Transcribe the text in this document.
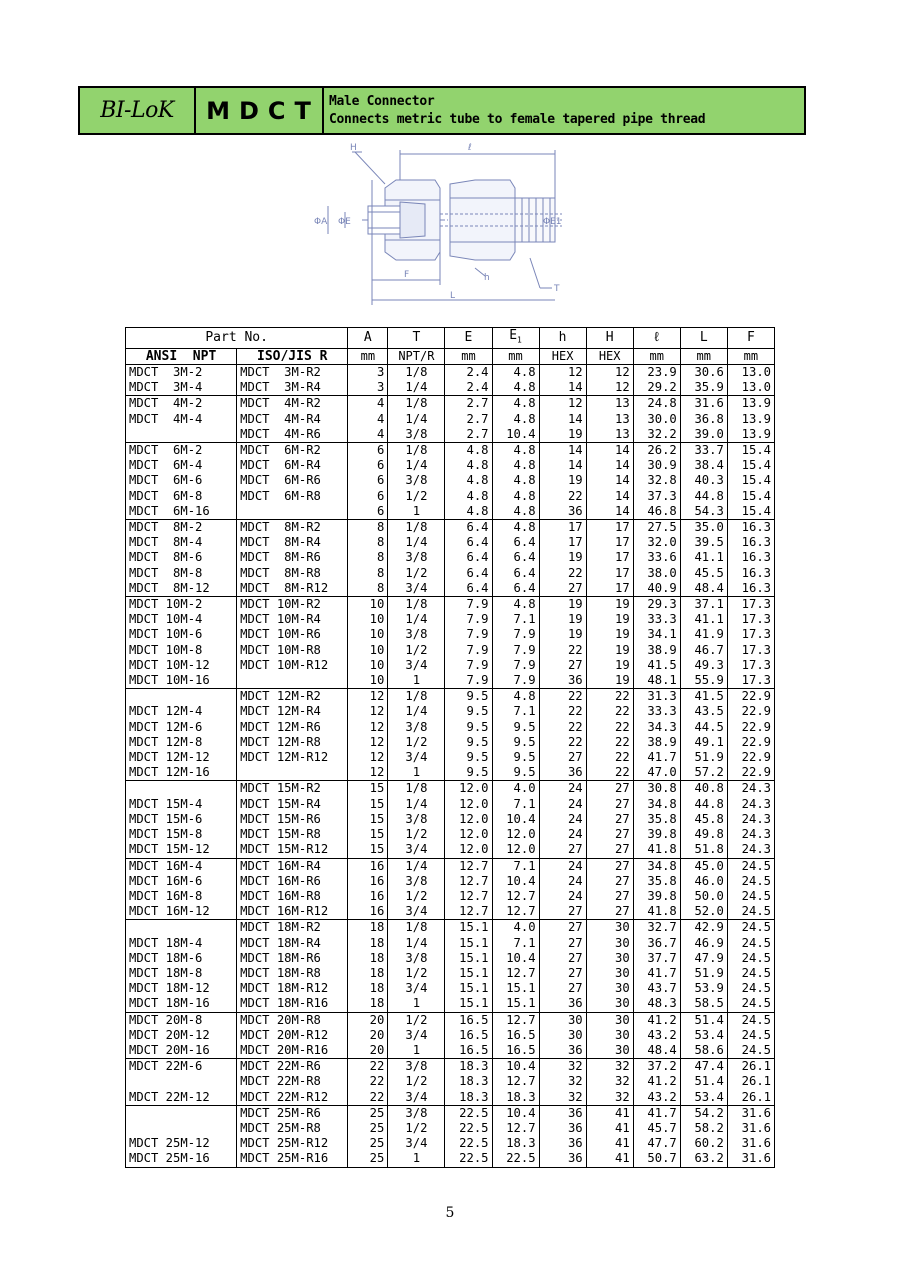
BI-LoK	MDCT Male Connector
Connects metric tube to female tapered pipe thread
H	ℓ
ΦA ΦE	ΦE1
F	h
T
L
Part No.		A	T	E	$E_1$	h	H	ℓ	L	F
ANSI  NPT	ISO/JIS R	mm	NPT/R	mm	mm	HEX	HEX	mm	mm	mm
MDCT  3M-2	MDCT  3M-R2	3	1/8	2.4	4.8	12	12	23.9	30.6	13.0
MDCT  3M-4	MDCT  3M-R4	3	1/4	2.4	4.8	14	12	29.2	35.9	13.0
MDCT  4M-2	MDCT  4M-R2	4	1/8	2.7	4.8	12	13	24.8	31.6	13.9
MDCT  4M-4	MDCT  4M-R4	4	1/4	2.7	4.8	14	13	30.0	36.8	13.9
	MDCT  4M-R6	4	3/8	2.7	10.4	19	13	32.2	39.0	13.9
MDCT  6M-2	MDCT  6M-R2	6	1/8	4.8	4.8	14	14	26.2	33.7	15.4
MDCT  6M-4	MDCT  6M-R4	6	1/4	4.8	4.8	14	14	30.9	38.4	15.4
MDCT  6M-6	MDCT  6M-R6	6	3/8	4.8	4.8	19	14	32.8	40.3	15.4
MDCT  6M-8	MDCT  6M-R8	6	1/2	4.8	4.8	22	14	37.3	44.8	15.4
MDCT  6M-16		6	1	4.8	4.8	36	14	46.8	54.3	15.4
MDCT  8M-2	MDCT  8M-R2	8	1/8	6.4	4.8	17	17	27.5	35.0	16.3
MDCT  8M-4	MDCT  8M-R4	8	1/4	6.4	6.4	17	17	32.0	39.5	16.3
MDCT  8M-6	MDCT  8M-R6	8	3/8	6.4	6.4	19	17	33.6	41.1	16.3
MDCT  8M-8	MDCT  8M-R8	8	1/2	6.4	6.4	22	17	38.0	45.5	16.3
MDCT  8M-12	MDCT  8M-R12	8	3/4	6.4	6.4	27	17	40.9	48.4	16.3
MDCT 10M-2	MDCT 10M-R2	10	1/8	7.9	4.8	19	19	29.3	37.1	17.3
MDCT 10M-4	MDCT 10M-R4	10	1/4	7.9	7.1	19	19	33.3	41.1	17.3
MDCT 10M-6	MDCT 10M-R6	10	3/8	7.9	7.9	19	19	34.1	41.9	17.3
MDCT 10M-8	MDCT 10M-R8	10	1/2	7.9	7.9	22	19	38.9	46.7	17.3
MDCT 10M-12	MDCT 10M-R12	10	3/4	7.9	7.9	27	19	41.5	49.3	17.3
MDCT 10M-16		10	1	7.9	7.9	36	19	48.1	55.9	17.3
	MDCT 12M-R2	12	1/8	9.5	4.8	22	22	31.3	41.5	22.9
MDCT 12M-4	MDCT 12M-R4	12	1/4	9.5	7.1	22	22	33.3	43.5	22.9
MDCT 12M-6	MDCT 12M-R6	12	3/8	9.5	9.5	22	22	34.3	44.5	22.9
MDCT 12M-8	MDCT 12M-R8	12	1/2	9.5	9.5	22	22	38.9	49.1	22.9
MDCT 12M-12	MDCT 12M-R12	12	3/4	9.5	9.5	27	22	41.7	51.9	22.9
MDCT 12M-16		12	1	9.5	9.5	36	22	47.0	57.2	22.9
	MDCT 15M-R2	15	1/8	12.0	4.0	24	27	30.8	40.8	24.3
MDCT 15M-4	MDCT 15M-R4	15	1/4	12.0	7.1	24	27	34.8	44.8	24.3
MDCT 15M-6	MDCT 15M-R6	15	3/8	12.0	10.4	24	27	35.8	45.8	24.3
MDCT 15M-8	MDCT 15M-R8	15	1/2	12.0	12.0	24	27	39.8	49.8	24.3
MDCT 15M-12	MDCT 15M-R12	15	3/4	12.0	12.0	27	27	41.8	51.8	24.3
MDCT 16M-4	MDCT 16M-R4	16	1/4	12.7	7.1	24	27	34.8	45.0	24.5
MDCT 16M-6	MDCT 16M-R6	16	3/8	12.7	10.4	24	27	35.8	46.0	24.5
MDCT 16M-8	MDCT 16M-R8	16	1/2	12.7	12.7	24	27	39.8	50.0	24.5
MDCT 16M-12	MDCT 16M-R12	16	3/4	12.7	12.7	27	27	41.8	52.0	24.5
	MDCT 18M-R2	18	1/8	15.1	4.0	27	30	32.7	42.9	24.5
MDCT 18M-4	MDCT 18M-R4	18	1/4	15.1	7.1	27	30	36.7	46.9	24.5
MDCT 18M-6	MDCT 18M-R6	18	3/8	15.1	10.4	27	30	37.7	47.9	24.5
MDCT 18M-8	MDCT 18M-R8	18	1/2	15.1	12.7	27	30	41.7	51.9	24.5
MDCT 18M-12	MDCT 18M-R12	18	3/4	15.1	15.1	27	30	43.7	53.9	24.5
MDCT 18M-16	MDCT 18M-R16	18	1	15.1	15.1	36	30	48.3	58.5	24.5
MDCT 20M-8	MDCT 20M-R8	20	1/2	16.5	12.7	30	30	41.2	51.4	24.5
MDCT 20M-12	MDCT 20M-R12	20	3/4	16.5	16.5	30	30	43.2	53.4	24.5
MDCT 20M-16	MDCT 20M-R16	20	1	16.5	16.5	36	30	48.4	58.6	24.5
MDCT 22M-6	MDCT 22M-R6	22	3/8	18.3	10.4	32	32	37.2	47.4	26.1
	MDCT 22M-R8	22	1/2	18.3	12.7	32	32	41.2	51.4	26.1
MDCT 22M-12	MDCT 22M-R12	22	3/4	18.3	18.3	32	32	43.2	53.4	26.1
	MDCT 25M-R6	25	3/8	22.5	10.4	36	41	41.7	54.2	31.6
	MDCT 25M-R8	25	1/2	22.5	12.7	36	41	45.7	58.2	31.6
MDCT 25M-12	MDCT 25M-R12	25	3/4	22.5	18.3	36	41	47.7	60.2	31.6
MDCT 25M-16	MDCT 25M-R16	25	1	22.5	22.5	36	41	50.7	63.2	31.6
5
